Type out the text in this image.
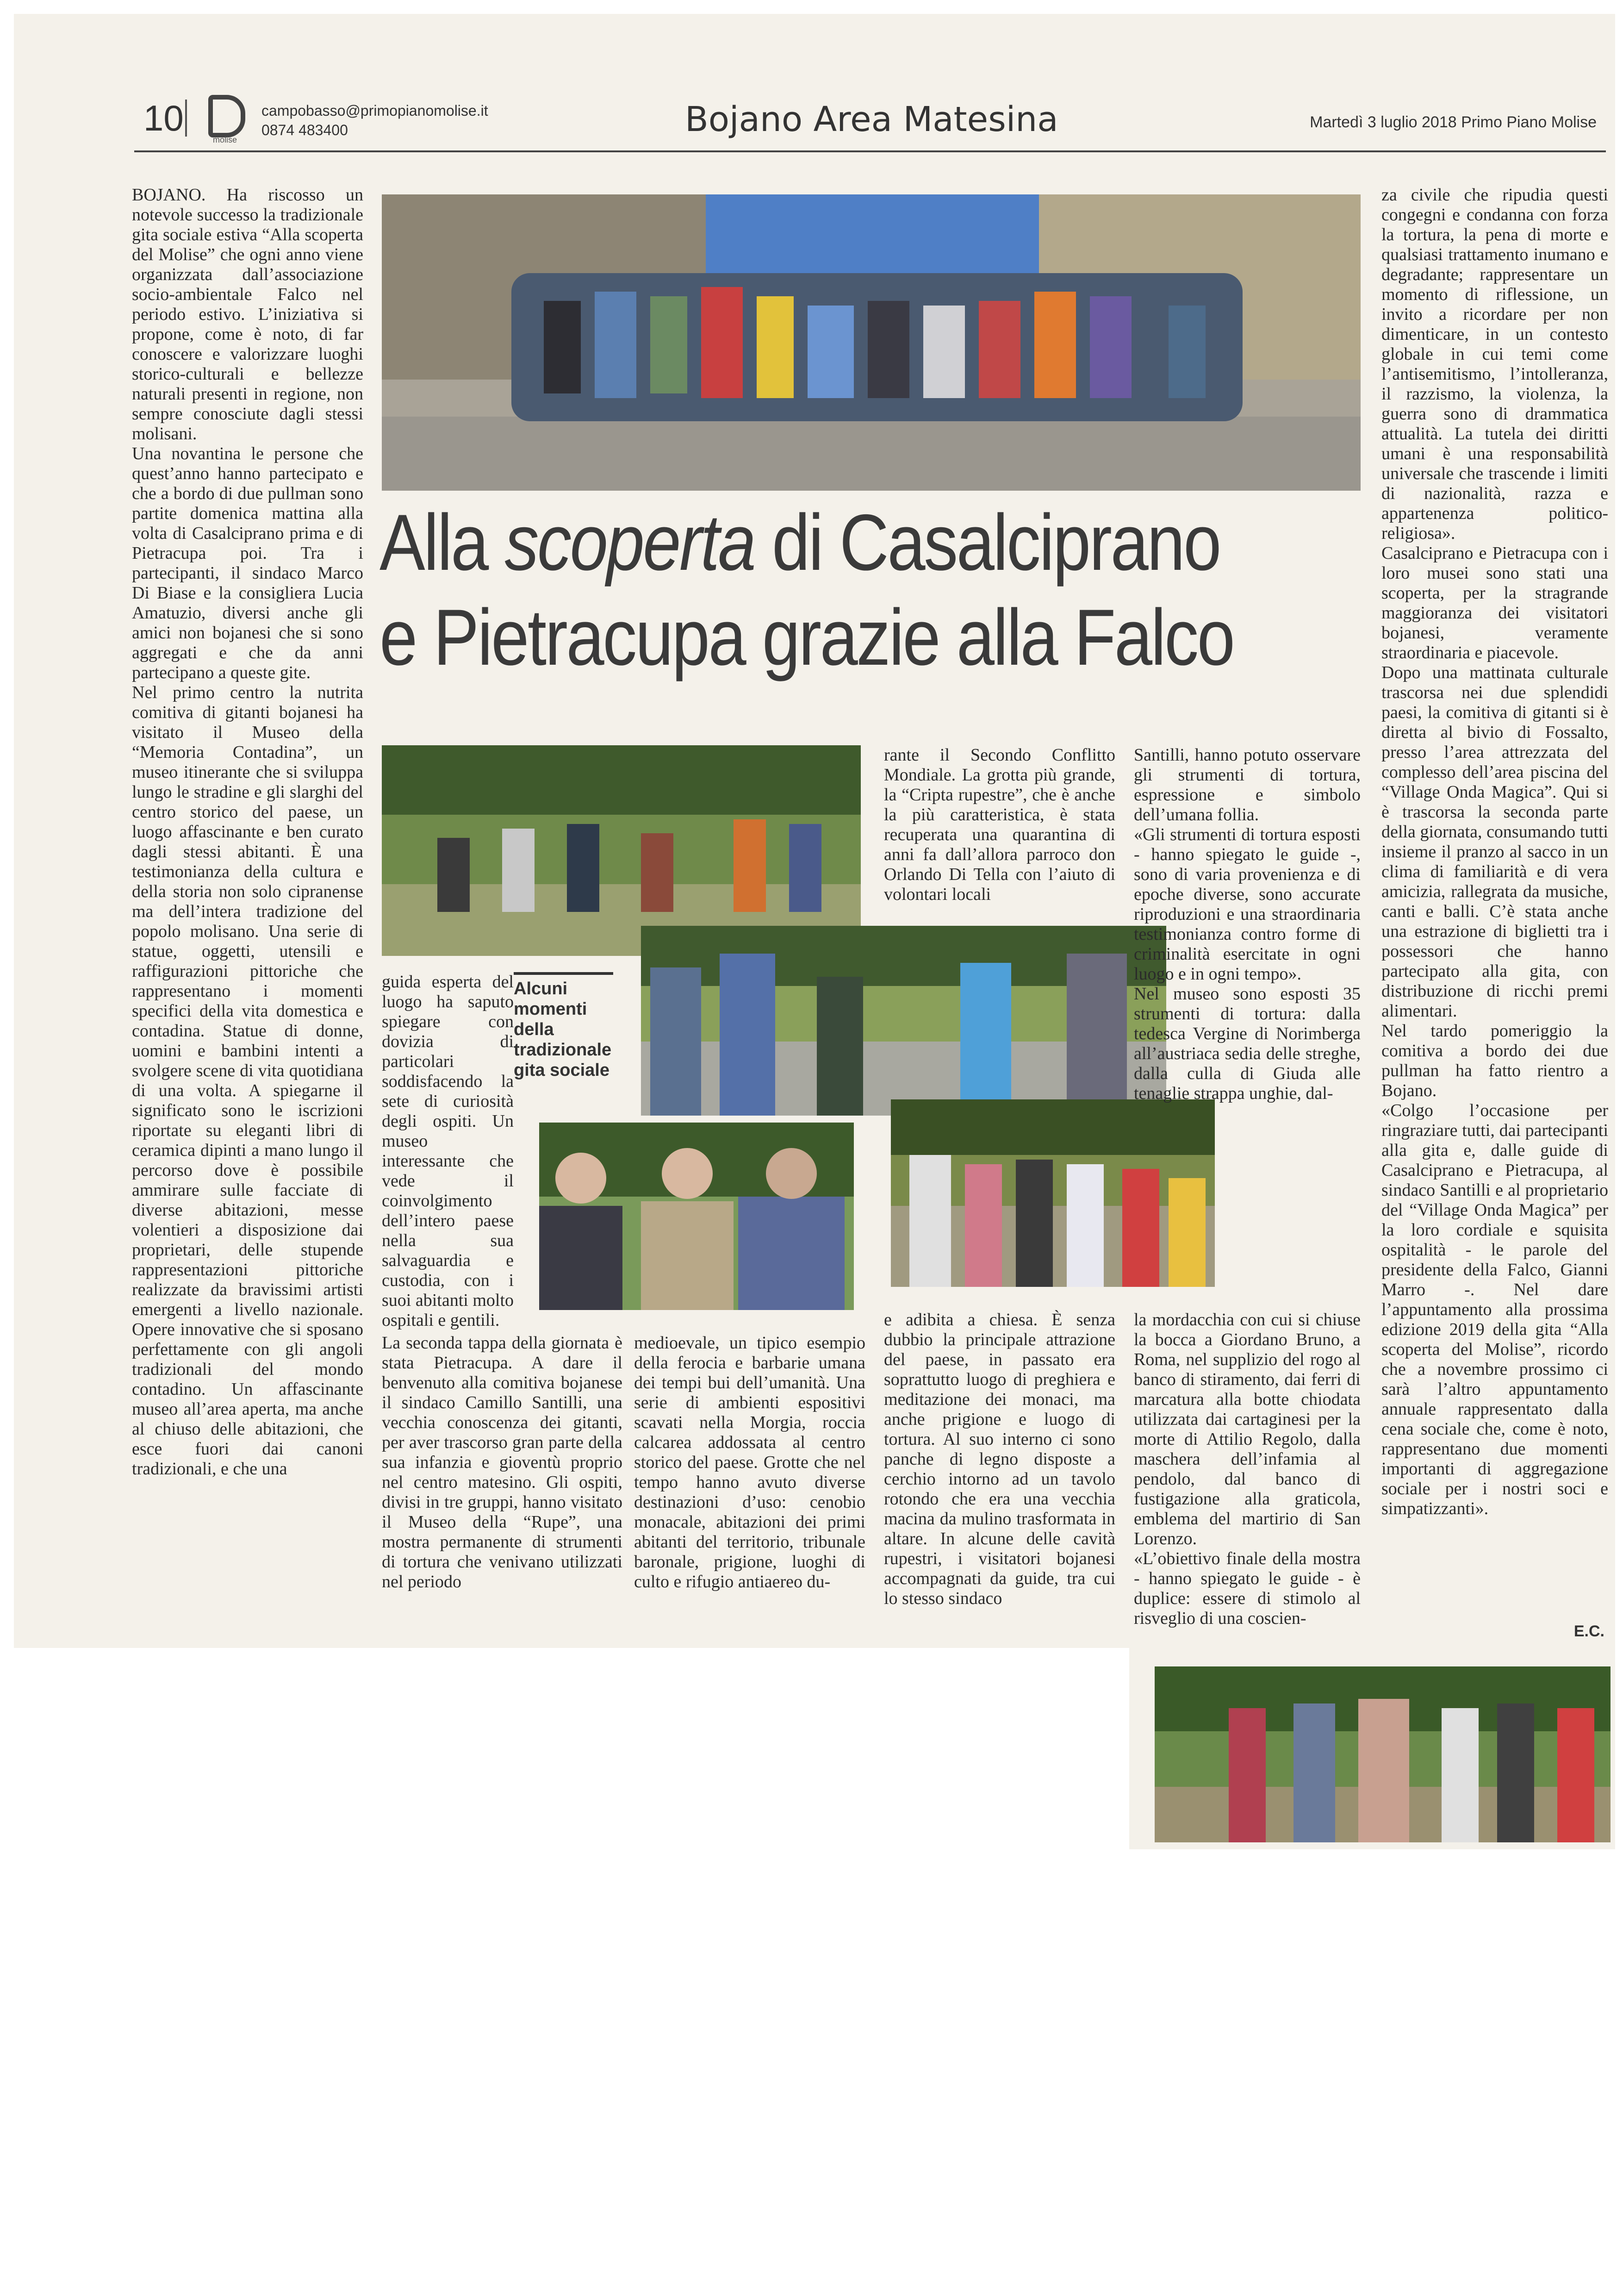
10
molise
campobasso@primopianomolise.it
0874 483400	Bojano Area Matesina	Martedì 3 luglio 2018 Primo Piano Molise

BOJANO. Ha riscosso un notevole successo la tradizionale gita sociale estiva “Alla scoperta del Molise” che ogni anno viene organizzata dall’associazione socio-ambientale Falco nel periodo estivo. L’iniziativa si propone, come è noto, di far conoscere e valorizzare luoghi storico-culturali e bellezze naturali presenti in regione, non sempre conosciute dagli stessi molisani.

Una novantina le persone che quest’anno hanno partecipato e che a bordo di due pullman sono partite domenica mattina alla volta di Casalciprano prima e di Pietracupa poi. Tra i partecipanti, il sindaco Marco Di Biase e la consigliera Lucia Amatuzio, diversi anche gli amici non bojanesi che si sono aggregati e che da anni partecipano a queste gite.

Nel primo centro la nutrita comitiva di gitanti bojanesi ha visitato il Museo della “Memoria Contadina”, un museo itinerante che si sviluppa lungo le stradine e gli slarghi del centro storico del paese, un luogo affascinante e ben curato dagli stessi abitanti. È una testimonianza della cultura e della storia non solo cipranense ma dell’intera tradizione del popolo molisano. Una serie di statue, oggetti, utensili e raffigurazioni pittoriche che rappresentano i momenti specifici della vita domestica e contadina. Statue di donne, uomini e bambini intenti a svolgere scene di vita quotidiana di una volta. A spiegarne il significato sono le iscrizioni riportate su eleganti libri di ceramica dipinti a mano lungo il percorso dove è possibile ammirare sulle facciate di diverse abitazioni, messe volentieri a disposizione dai proprietari, delle stupende rappresentazioni pittoriche realizzate da bravissimi artisti emergenti a livello nazionale. Opere innovative che si sposano perfettamente con gli angoli tradizionali del mondo contadino. Un affascinante museo all’area aperta, ma anche al chiuso delle abitazioni, che esce fuori dai canoni tradizionali, e che una

Alla scoperta di Casalciprano
e Pietracupa grazie alla Falco
Alcuni momenti della tradizionale gita sociale

guida esperta del luogo ha saputo spiegare con dovizia di particolari soddisfacendo la sete di curiosità degli ospiti. Un museo interessante che vede il coinvolgimento dell’intero paese nella sua salvaguardia e custodia, con i suoi abitanti molto ospitali e gentili.

La seconda tappa della giornata è stata Pietracupa. A dare il benvenuto alla comitiva bojanese il sindaco Camillo Santilli, una vecchia conoscenza dei gitanti, per aver trascorso gran parte della sua infanzia e gioventù proprio nel centro matesino. Gli ospiti, divisi in tre gruppi, hanno visitato il Museo della “Rupe”, una mostra permanente di strumenti di tortura che venivano utilizzati nel periodo

medioevale, un tipico esempio della ferocia e barbarie umana dei tempi bui dell’umanità. Una serie di ambienti espositivi scavati nella Morgia, roccia calcarea addossata al centro storico del paese. Grotte che nel tempo hanno avuto diverse destinazioni d’uso: cenobio monacale, abitazioni dei primi abitanti del territorio, tribunale baronale, prigione, luoghi di culto e rifugio antiaereo du-

rante il Secondo Conflitto Mondiale. La grotta più grande, la “Cripta rupestre”, che è anche la più caratteristica, è stata recuperata una quarantina di anni fa dall’allora parroco don Orlando Di Tella con l’aiuto di volontari locali

e adibita a chiesa. È senza dubbio la principale attrazione del paese, in passato era soprattutto luogo di preghiera e meditazione dei monaci, ma anche prigione e luogo di tortura. Al suo interno ci sono panche di legno disposte a cerchio intorno ad un tavolo rotondo che era una vecchia macina da mulino trasformata in altare. In alcune delle cavità rupestri, i visitatori bojanesi accompagnati da guide, tra cui lo stesso sindaco

Santilli, hanno potuto osservare gli strumenti di tortura, espressione e simbolo dell’umana follia.

«Gli strumenti di tortura esposti - hanno spiegato le guide -, sono di varia provenienza e di epoche diverse, sono accurate riproduzioni e una straordinaria testimonianza contro forme di criminalità esercitate in ogni luogo e in ogni tempo».

Nel museo sono esposti 35 strumenti di tortura: dalla tedesca Vergine di Norimberga all’austriaca sedia delle streghe, dalla culla di Giuda alle tenaglie strappa unghie, dal-

la mordacchia con cui si chiuse la bocca a Giordano Bruno, a Roma, nel supplizio del rogo al banco di stiramento, dai ferri di marcatura alla botte chiodata utilizzata dai cartaginesi per la morte di Attilio Regolo, dalla maschera dell’infamia al pendolo, dal banco di fustigazione alla graticola, emblema del martirio di San Lorenzo.

«L’obiettivo finale della mostra - hanno spiegato le guide - è duplice: essere di stimolo al risveglio di una coscien-

za civile che ripudia questi congegni e condanna con forza la tortura, la pena di morte e qualsiasi trattamento inumano e degradante; rappresentare un momento di riflessione, un invito a ricordare per non dimenticare, in un contesto globale in cui temi come l’antisemitismo, l’intolleranza, il razzismo, la violenza, la guerra sono di drammatica attualità. La tutela dei diritti umani è una responsabilità universale che trascende i limiti di nazionalità, razza e appartenenza politico-religiosa».

Casalciprano e Pietracupa con i loro musei sono stati una scoperta, per la stragrande maggioranza dei visitatori bojanesi, veramente straordinaria e piacevole.

Dopo una mattinata culturale trascorsa nei due splendidi paesi, la comitiva di gitanti si è diretta al bivio di Fossalto, presso l’area attrezzata del complesso dell’area piscina del “Village Onda Magica”. Qui si è trascorsa la seconda parte della giornata, consumando tutti insieme il pranzo al sacco in un clima di familiarità e di vera amicizia, rallegrata da musiche, canti e balli. C’è stata anche una estrazione di biglietti tra i possessori che hanno partecipato alla gita, con distribuzione di ricchi premi alimentari.

Nel tardo pomeriggio la comitiva a bordo dei due pullman ha fatto rientro a Bojano.

«Colgo l’occasione per ringraziare tutti, dai partecipanti alla gita e, dalle guide di Casalciprano e Pietracupa, al sindaco Santilli e al proprietario del “Village Onda Magica” per la loro cordiale e squisita ospitalità - le parole del presidente della Falco, Gianni Marro -. Nel dare l’appuntamento alla prossima edizione 2019 della gita “Alla scoperta del Molise”, ricordo che a novembre prossimo ci sarà l’altro appuntamento annuale rappresentato dalla cena sociale che, come è noto, rappresentano due momenti importanti di aggregazione sociale per i nostri soci e simpatizzanti».

E.C.
